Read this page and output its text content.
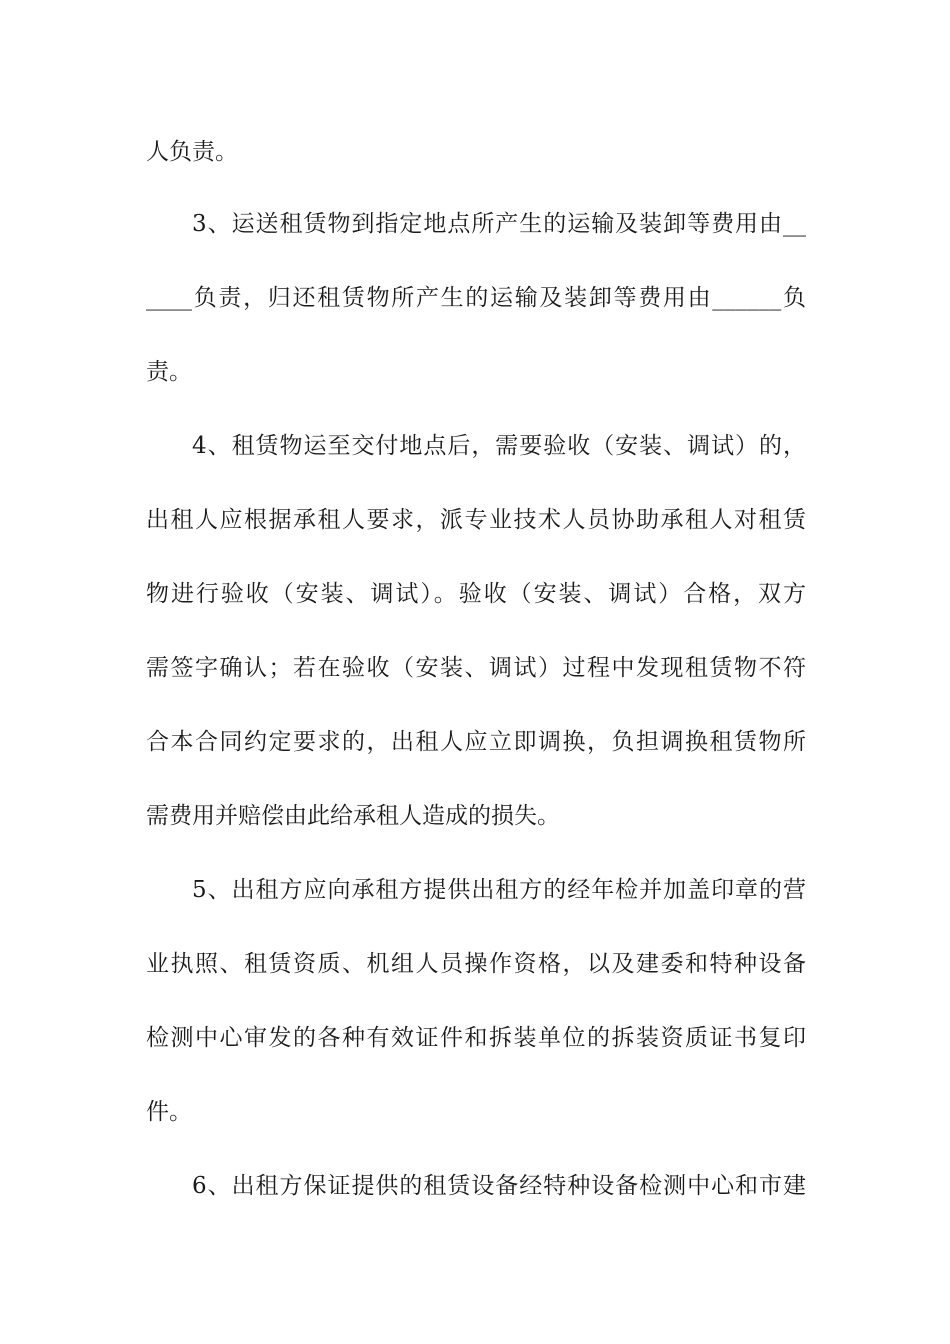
人负责。
3、运送租赁物到指定地点所产生的运输及装卸等费用由__
____负责，归还租赁物所产生的运输及装卸等费用由______负
责。
4、租赁物运至交付地点后，需要验收（安装、调试）的，
出租人应根据承租人要求，派专业技术人员协助承租人对租赁
物进行验收（安装、调试）。验收（安装、调试）合格，双方
需签字确认；若在验收（安装、调试）过程中发现租赁物不符
合本合同约定要求的，出租人应立即调换，负担调换租赁物所
需费用并赔偿由此给承租人造成的损失。
5、出租方应向承租方提供出租方的经年检并加盖印章的营
业执照、租赁资质、机组人员操作资格，以及建委和特种设备
检测中心审发的各种有效证件和拆装单位的拆装资质证书复印
件。
6、出租方保证提供的租赁设备经特种设备检测中心和市建
